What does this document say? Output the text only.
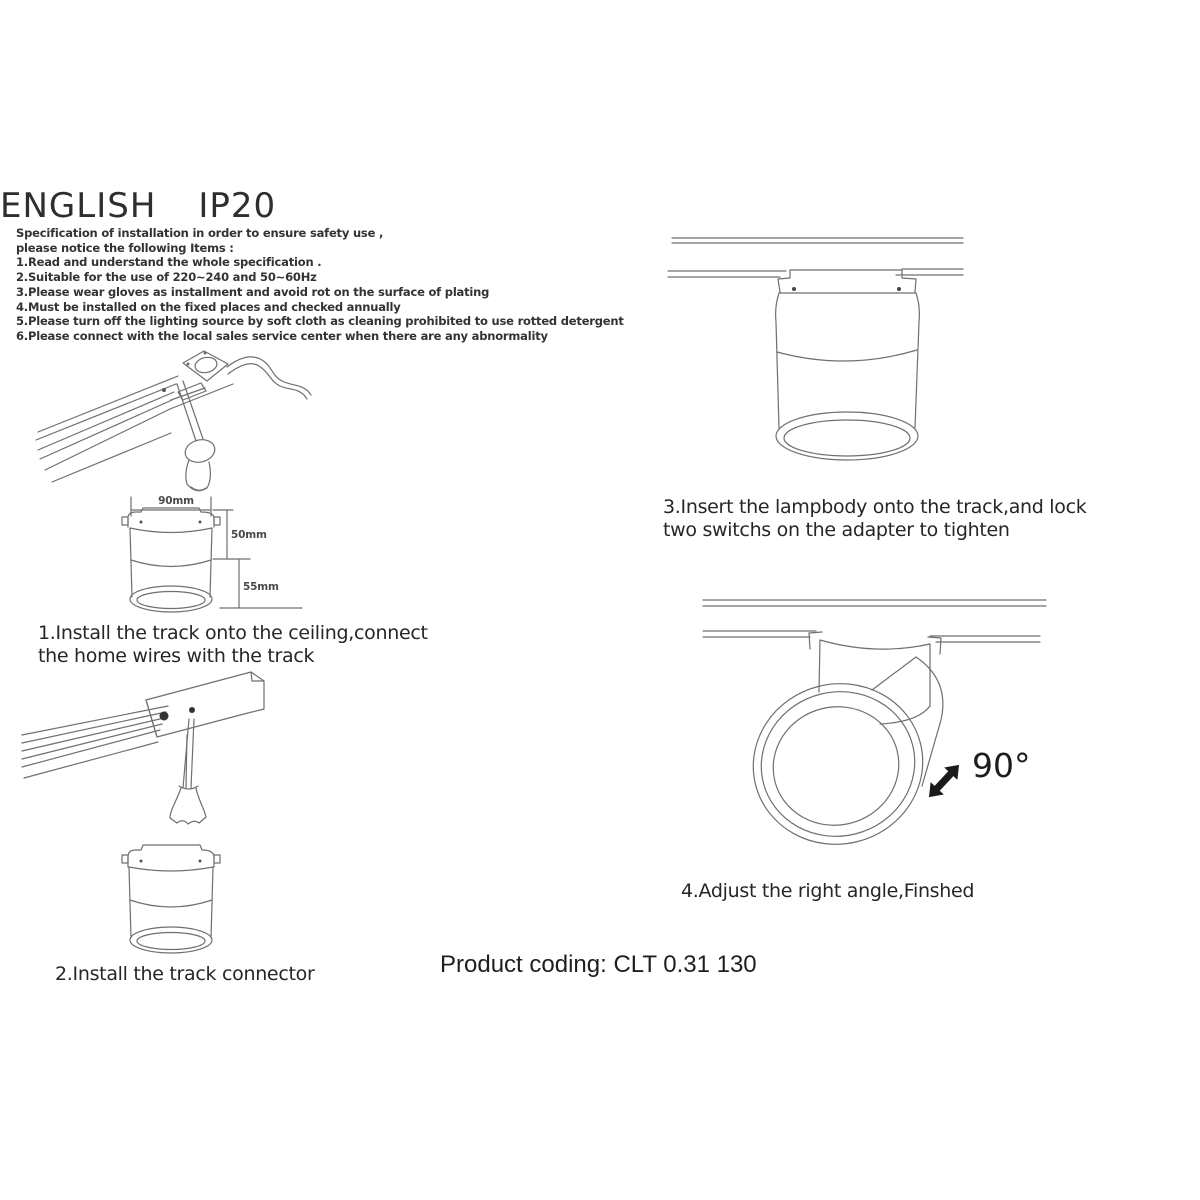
ENGLISH IP20
Specification of installation in order to ensure safety use ,
please notice the following Items :
1.Read and understand the whole specification .
2.Suitable for the use of 220~240 and 50~60Hz
3.Please wear gloves as installment and avoid rot on the surface of plating
4.Must be installed on the fixed places and checked annually
5.Please turn off the lighting source by soft cloth as cleaning prohibited to use rotted detergent
6.Please connect with the local sales service center when there are any abnormality
90mm
50mm
55mm
1.Install the track onto the ceiling,connect
the home wires with the track
2.Install the track connector
3.Insert the lampbody onto the track,and lock
two switchs on the adapter to tighten
4.Adjust the right angle,Finshed
90°
Product coding: CLT 0.31 130
